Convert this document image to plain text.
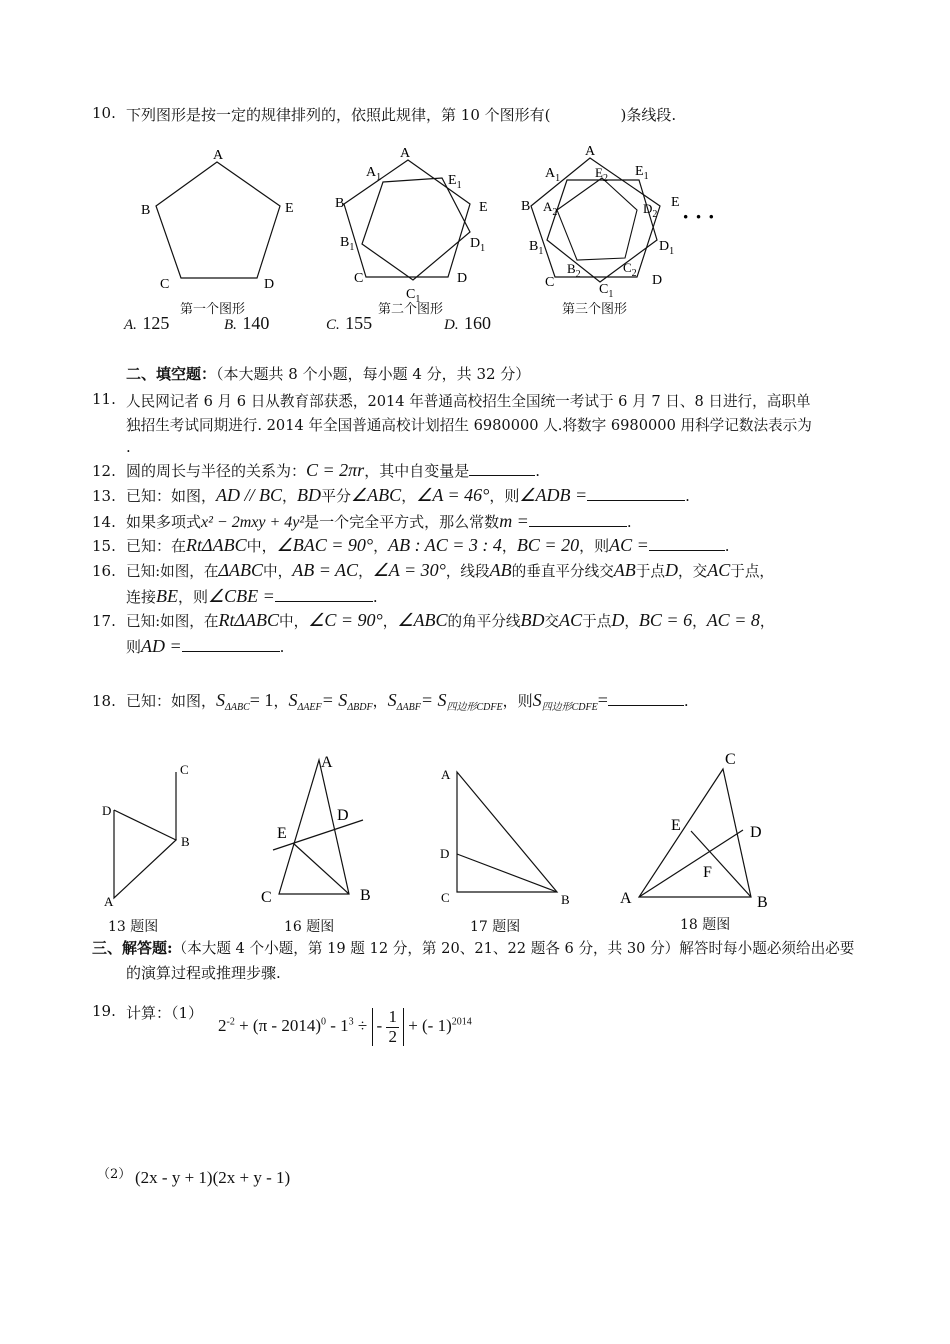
10. 下列图形是按一定的规律排列的，依照此规律，第 10 个图形有(	)条线段.
A
B
C	D
E
A
$A_1$	$E_1$
B	E
$B_1$	$D_1$
C	D
$C_1$
A
$A_1$	$E_2$ $E_1$
B $A_2$	$D_2$
E
$B_1$	$D_1$
$B_2$	$C_2$
C	D
$C_1$
· · ·
第一个图形	第二个图形	第三个图形
A. 125	B. 140	C. 155	D. 160
二、填空题：（本大题共 8 个小题，每小题 4 分，共 32 分）
11. 人民网记者 6 月 6 日从教育部获悉，2014 年普通高校招生全国统一考试于 6 月 7 日、8 日进行，高职单
独招生考试同期进行. 2014 年全国普通高校计划招生 6980000 人.将数字 6980000 用科学记数法表示为
.
12. 圆的周长与半径的关系为：C = 2πr，其中自变量是	.
13. 已知：如图，AD // BC，BD平分∠ABC，∠A = 46°，则∠ADB =	.
14. 如果多项式x² − 2mxy + 4y²是一个完全平方式，那么常数m =	.
15. 已知：在RtΔABC中，∠BAC = 90°，AB : AC = 3 : 4，BC = 20，则AC =	.
16. 已知:如图，在ΔABC中，AB = AC，∠A = 30°，线段AB的垂直平分线交AB于点D，交AC于点，
连接BE，则∠CBE =	.
17. 已知:如图，在RtΔABC中，∠C = 90°，∠ABC的角平分线BD交AC于点D，BC = 6，AC = 8，
则AD =	.
18. 已知：如图，$S_{\Delta ABC}= 1$，$S_{\Delta AEF}= S_{\Delta BDF}$，$S_{\Delta ABF}= S_{四边形CDFE}$，则$S_{四边形CDFE}=$	.
D
C
B
A
13 题图
A
D
E
C	B
16 题图
A
D
C	B
17 题图
C
E	D
F
A	B
18 题图
三、解答题:（本大题 4 个小题，第 19 题 12 分，第 20、21、22 题各 6 分，共 30 分）解答时每小题必须给出必要
的演算过程或推理步骤.
19. 计算：（1）
$2^{-2} + (\pi - 2014)^0 - 1^3$ ÷ - $\frac{1}{2}$ + (- 1)$^{2014}$
（2） (2x - y + 1)(2x + y - 1)
